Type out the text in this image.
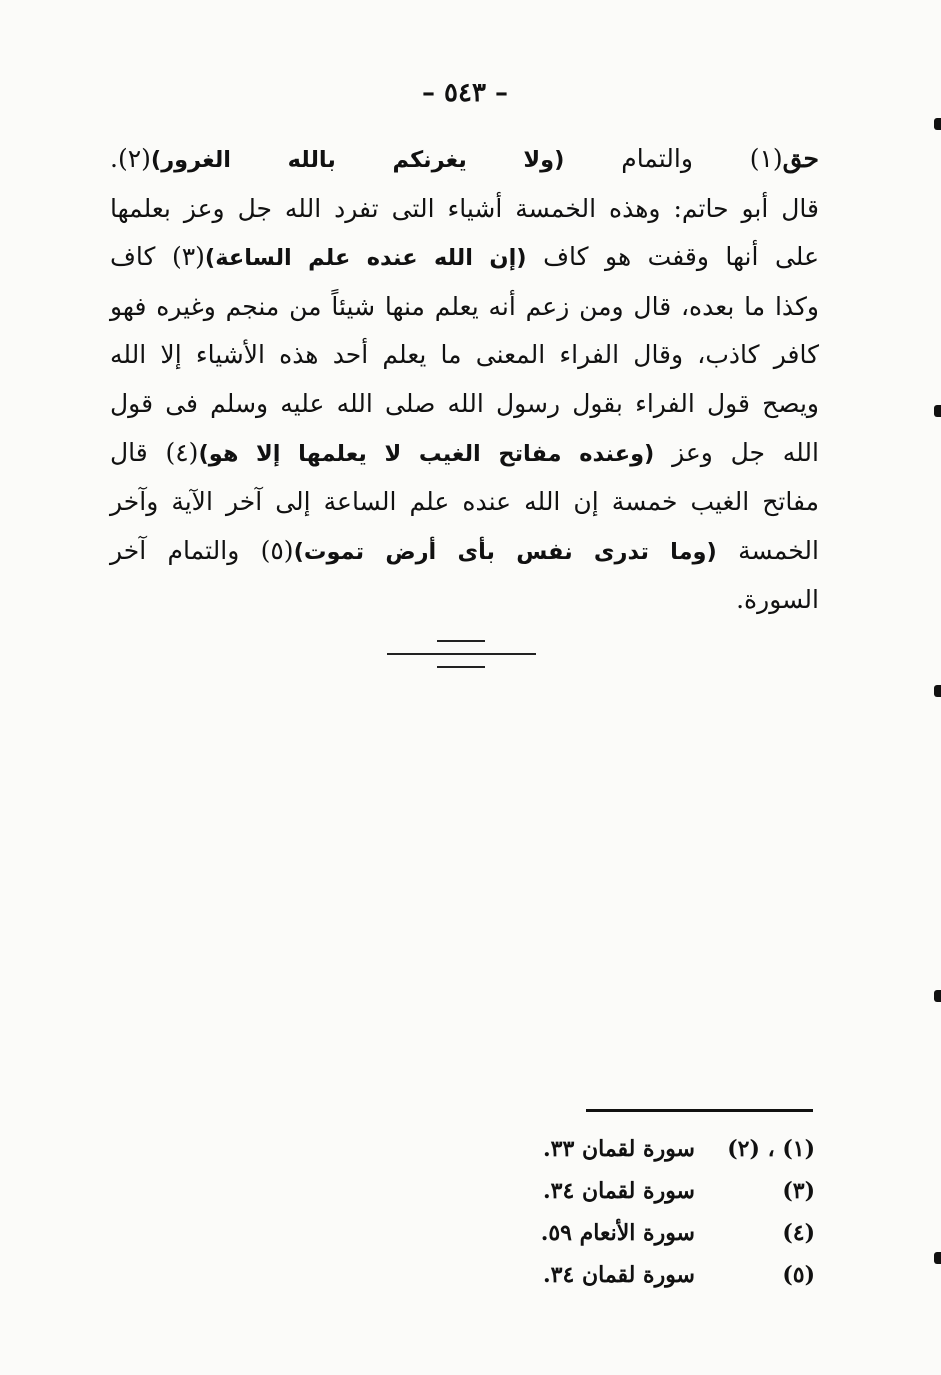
– ٥٤٣ –
حق(١) والتمام (ولا يغرنكم بالله الغرور)(٢).
قال أبو حاتم: وهذه الخمسة أشياء التى تفرد الله جل وعز بعلمها
على أنها وقفت هو كاف (إن الله عنده علم الساعة)(٣) كاف
وكذا ما بعده، قال ومن زعم أنه يعلم منها شيئاً من منجم وغيره فهو
كافر كاذب، وقال الفراء المعنى ما يعلم أحد هذه الأشياء إلا الله
ويصح قول الفراء بقول رسول الله صلى الله عليه وسلم فى قول
الله جل وعز (وعنده مفاتح الغيب لا يعلمها إلا هو)(٤) قال
مفاتح الغيب خمسة إن الله عنده علم الساعة إلى آخر الآية وآخر
الخمسة (وما تدرى نفس بأى أرض تموت)(٥) والتمام آخر
السورة.
(١) ، (٢)
سورة لقمان ٣٣.
(٣)
سورة لقمان ٣٤.
(٤)
سورة الأنعام ٥٩.
(٥)
سورة لقمان ٣٤.
